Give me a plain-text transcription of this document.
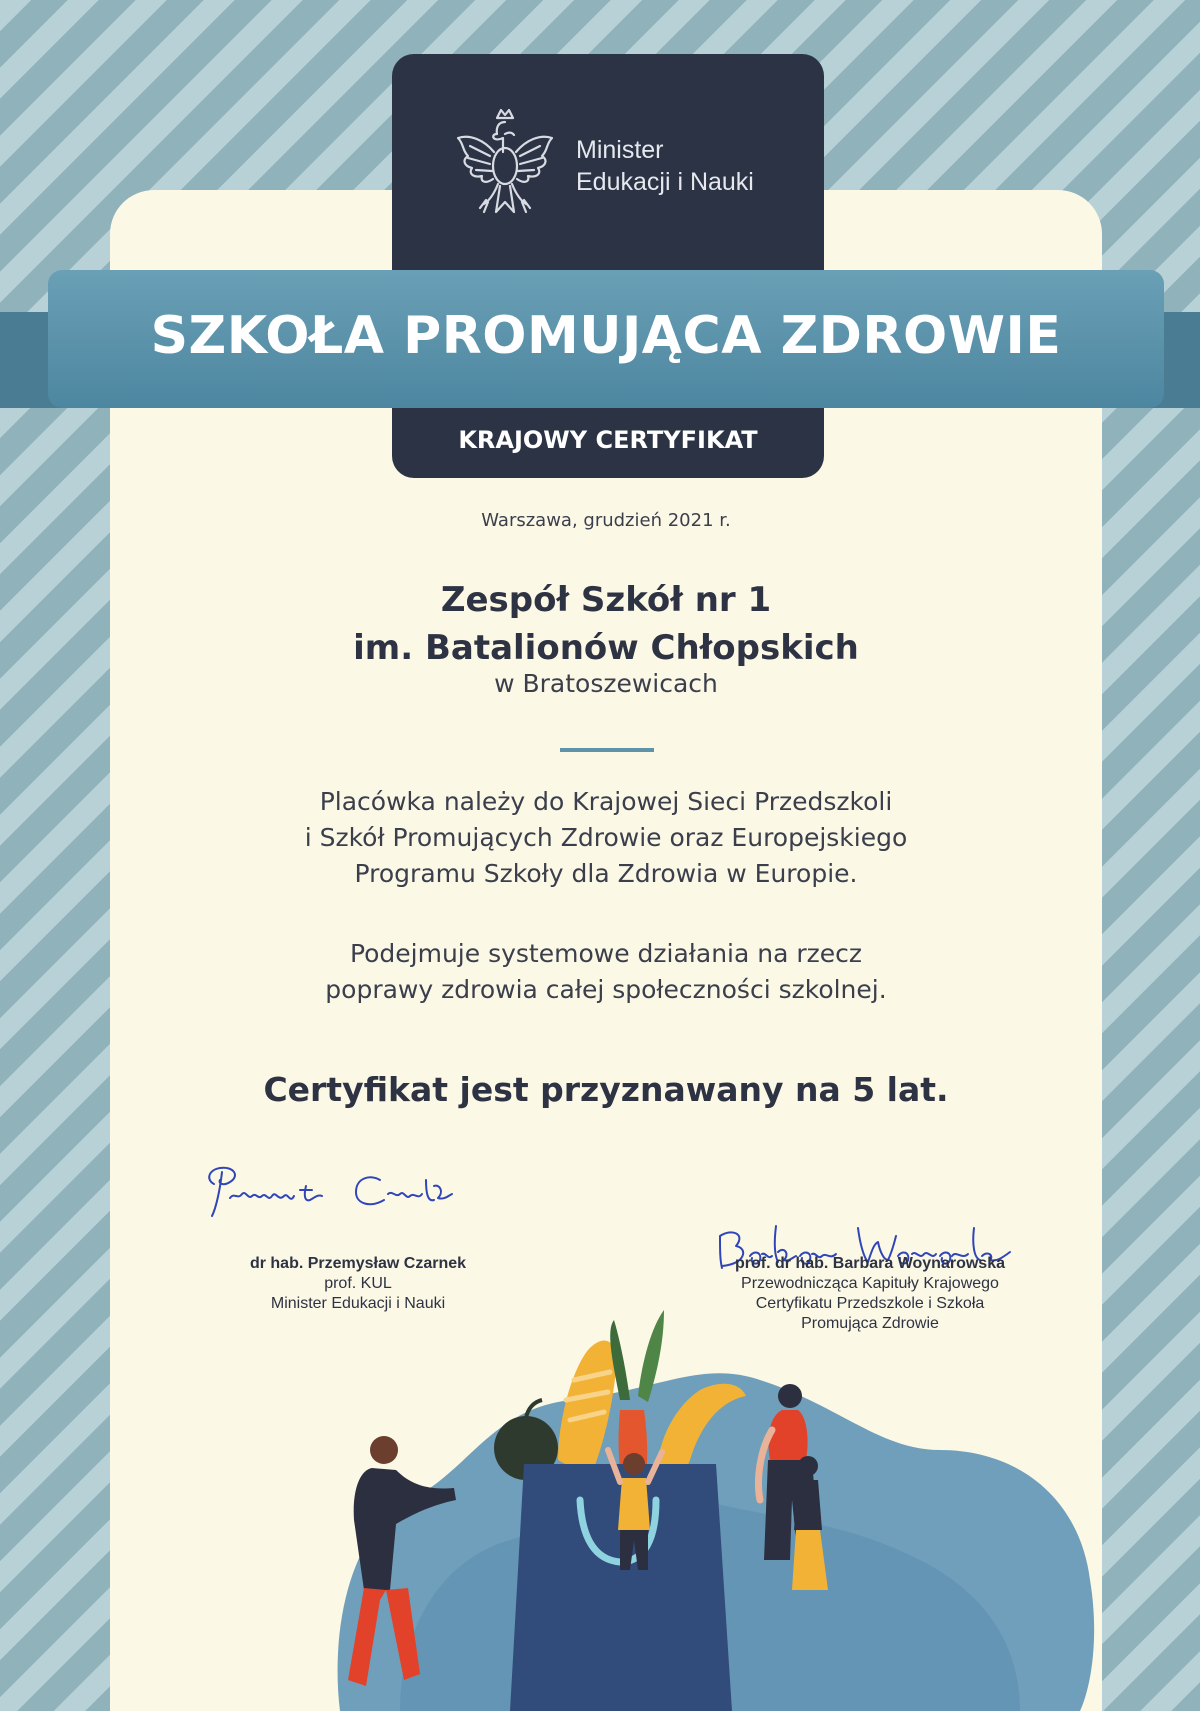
Minister
Edukacji i Nauki
SZKOŁA PROMUJĄCA ZDROWIE
KRAJOWY CERTYFIKAT
Warszawa, grudzień 2021 r.
Zespół Szkół nr 1
im. Batalionów Chłopskich
w Bratoszewicach
Placówka należy do Krajowej Sieci Przedszkoli
i Szkół Promujących Zdrowie oraz Europejskiego
Programu Szkoły dla Zdrowia w Europie.
Podejmuje systemowe działania na rzecz
poprawy zdrowia całej społeczności szkolnej.
Certyfikat jest przyznawany na 5 lat.
dr hab. Przemysław Czarnek
prof. KUL
Minister Edukacji i Nauki
prof. dr hab. Barbara Woynarowska
Przewodnicząca Kapituły Krajowego
Certyfikatu Przedszkole i Szkoła
Promująca Zdrowie
